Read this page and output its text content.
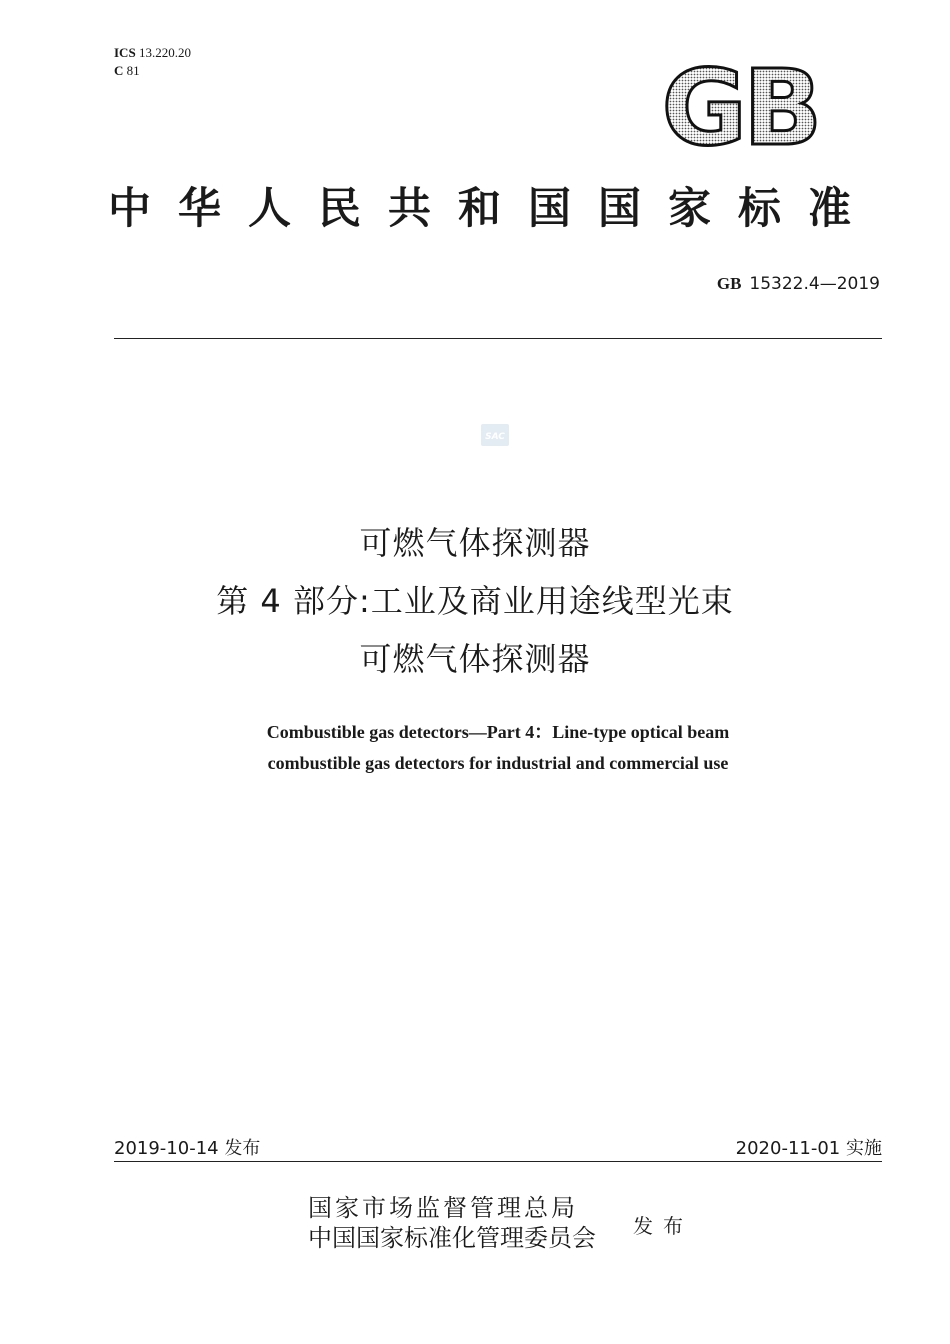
ICS 13.220.20
C 81	GB
中华人民共和国国家标准
GB 15322.4—2019
SAC
可燃气体探测器
第 4 部分:工业及商业用途线型光束
可燃气体探测器
Combustible gas detectors—Part 4：Line-type optical beam
combustible gas detectors for industrial and commercial use
2019-10-14 发布	2020-11-01 实施
国家市场监督管理总局
中国国家标准化管理委员会 发布
